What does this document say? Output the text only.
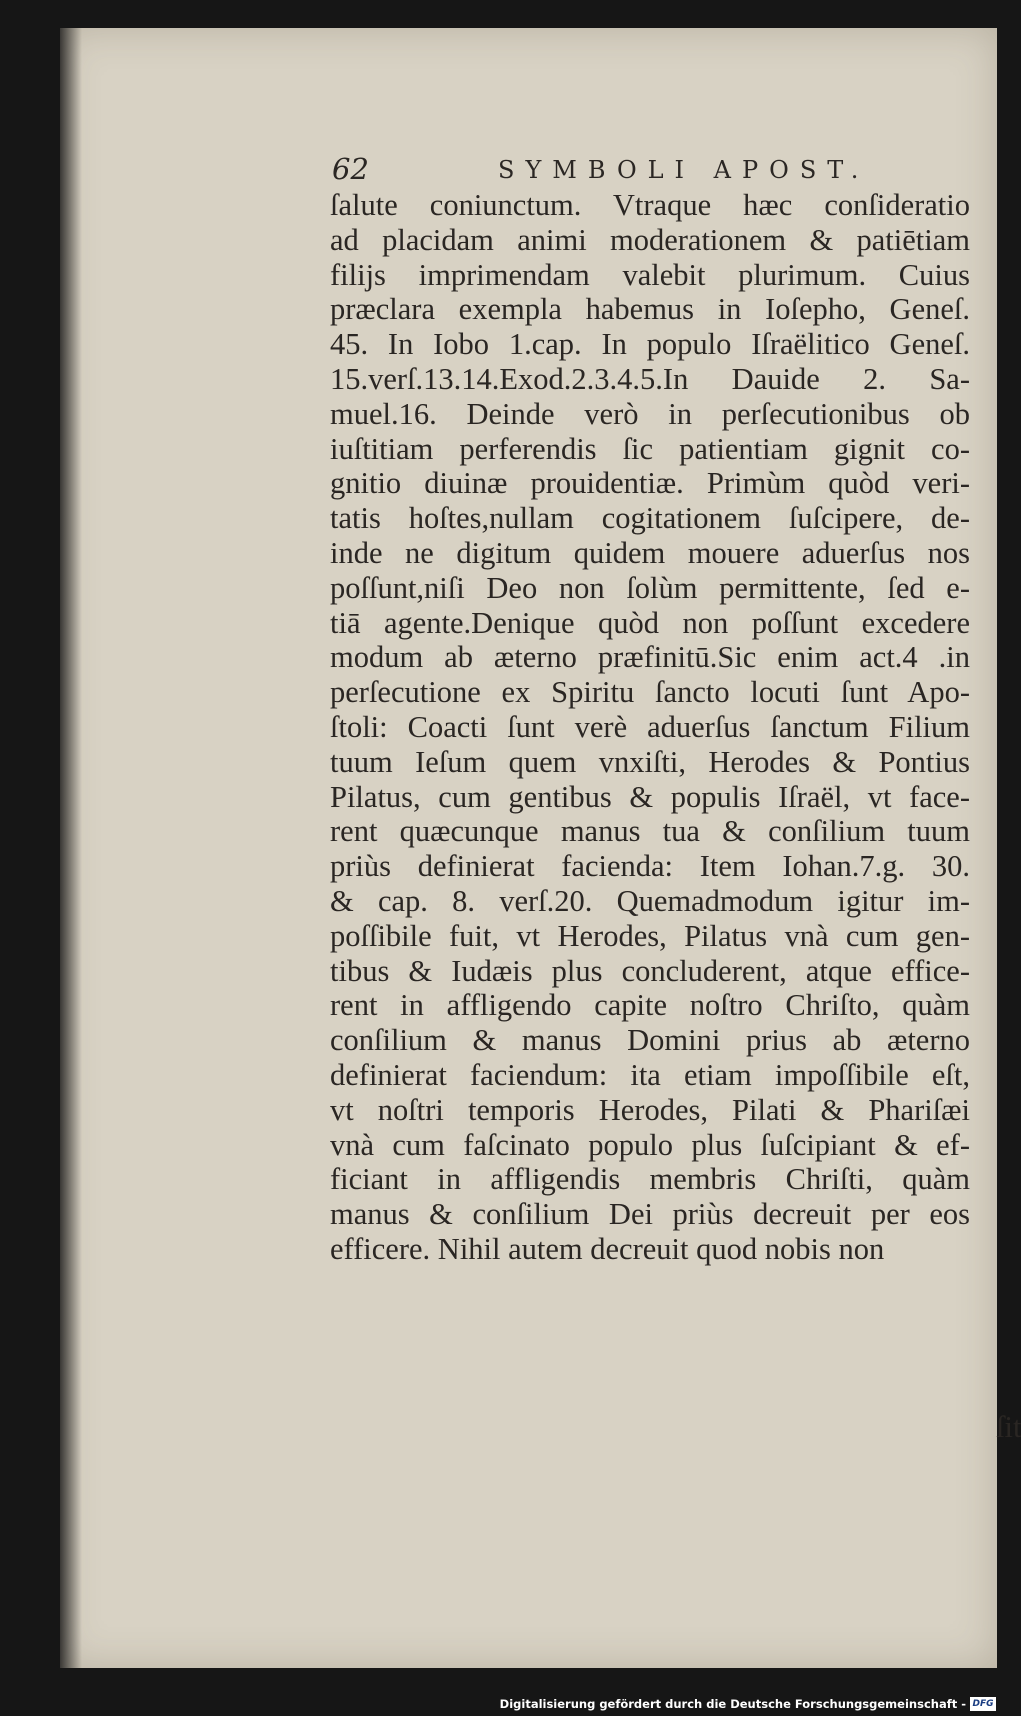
62	SYMBOLI APOST.
ſalute coniunctum. Vtraque hæc conſideratio
ad placidam animi moderationem & patiētiam
filijs imprimendam valebit plurimum. Cuius
præclara exempla habemus in Ioſepho, Geneſ.
45. In Iobo 1.cap. In populo Iſraëlitico Geneſ.
15.verſ.13.14.Exod.2.3.4.5.In Dauide 2. Sa-
muel.16. Deinde verò in perſecutionibus ob
iuſtitiam perferendis ſic patientiam gignit co-
gnitio diuinæ prouidentiæ. Primùm quòd veri-
tatis hoſtes,nullam cogitationem ſuſcipere, de-
inde ne digitum quidem mouere aduerſus nos
poſſunt,niſi Deo non ſolùm permittente, ſed e-
tiā agente.Denique quòd non poſſunt excedere
modum ab æterno præfinitū.Sic enim act.4 .in
perſecutione ex Spiritu ſancto locuti ſunt Apo-
ſtoli: Coacti ſunt verè aduerſus ſanctum Filium
tuum Ieſum quem vnxiſti, Herodes & Pontius
Pilatus, cum gentibus & populis Iſraël, vt face-
rent quæcunque manus tua & conſilium tuum
priùs definierat facienda: Item Iohan.7.g. 30.
& cap. 8. verſ.20. Quemadmodum igitur im-
poſſibile fuit, vt Herodes, Pilatus vnà cum gen-
tibus & Iudæis plus concluderent, atque effice-
rent in affligendo capite noſtro Chriſto, quàm
conſilium & manus Domini prius ab æterno
definierat faciendum: ita etiam impoſſibile eſt,
vt noſtri temporis Herodes, Pilati & Phariſæi
vnà cum faſcinato populo plus ſuſcipiant & ef-
ficiant in affligendis membris Chriſti, quàm
manus & conſilium Dei priùs decreuit per eos
efficere. Nihil autem decreuit quod nobis non
ſit
Digitalisierung gefördert durch die Deutsche Forschungsgemeinschaft - DFG
